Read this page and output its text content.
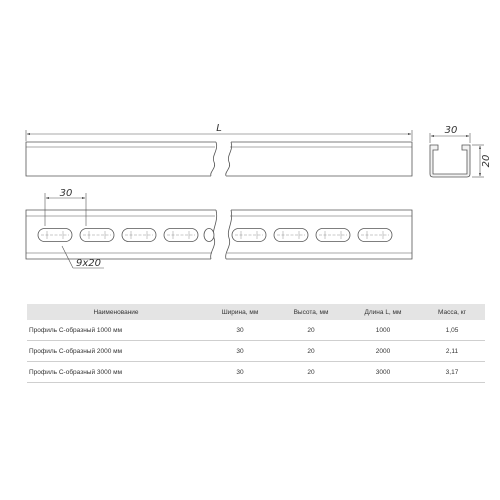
L	30
20
30
9x20
Наименование	Ширина, мм	Высота, мм	Длина L, мм	Масса, кг
Профиль С-образный 1000 мм	30	20	1000	1,05
Профиль С-образный 2000 мм	30	20	2000	2,11
Профиль С-образный 3000 мм	30	20	3000	3,17
